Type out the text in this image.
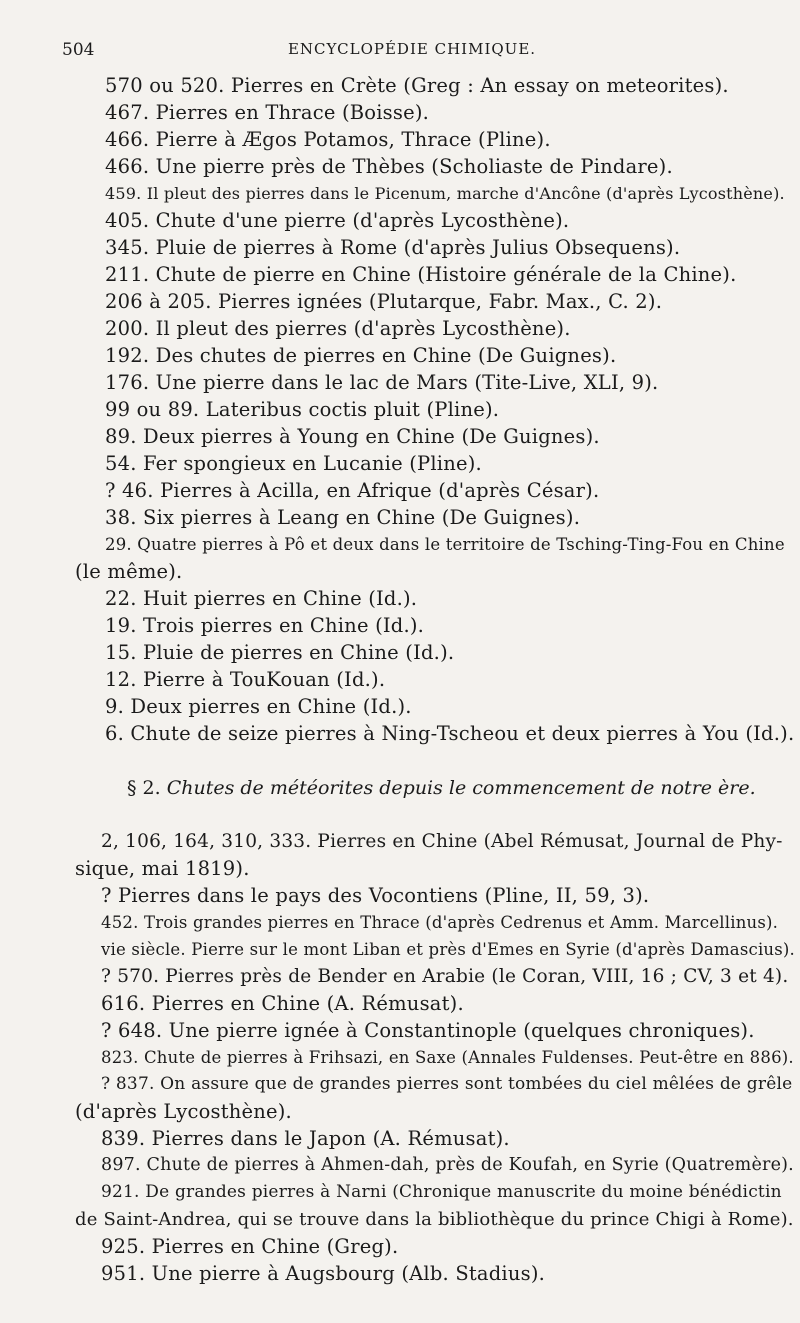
504	ENCYCLOPÉDIE CHIMIQUE.
570 ou 520. Pierres en Crète (Greg : An essay on meteorites).
467. Pierres en Thrace (Boisse).
466. Pierre à Ægos Potamos, Thrace (Pline).
466. Une pierre près de Thèbes (Scholiaste de Pindare).
459. Il pleut des pierres dans le Picenum, marche d'Ancône (d'après Lycosthène).
405. Chute d'une pierre (d'après Lycosthène).
345. Pluie de pierres à Rome (d'après Julius Obsequens).
211. Chute de pierre en Chine (Histoire générale de la Chine).
206 à 205. Pierres ignées (Plutarque, Fabr. Max., C. 2).
200. Il pleut des pierres (d'après Lycosthène).
192. Des chutes de pierres en Chine (De Guignes).
176. Une pierre dans le lac de Mars (Tite-Live, XLI, 9).
99 ou 89. Lateribus coctis pluit (Pline).
89. Deux pierres à Young en Chine (De Guignes).
54. Fer spongieux en Lucanie (Pline).
? 46. Pierres à Acilla, en Afrique (d'après César).
38. Six pierres à Leang en Chine (De Guignes).
29. Quatre pierres à Pô et deux dans le territoire de Tsching-Ting-Fou en Chine
(le même).
22. Huit pierres en Chine (Id.).
19. Trois pierres en Chine (Id.).
15. Pluie de pierres en Chine (Id.).
12. Pierre à TouKouan (Id.).
9. Deux pierres en Chine (Id.).
6. Chute de seize pierres à Ning-Tscheou et deux pierres à You (Id.).
§ 2. Chutes de météorites depuis le commencement de notre ère.
2, 106, 164, 310, 333. Pierres en Chine (Abel Rémusat, Journal de Phy-
sique, mai 1819).
? Pierres dans le pays des Vocontiens (Pline, II, 59, 3).
452. Trois grandes pierres en Thrace (d'après Cedrenus et Amm. Marcellinus).
vie siècle. Pierre sur le mont Liban et près d'Emes en Syrie (d'après Damascius).
? 570. Pierres près de Bender en Arabie (le Coran, VIII, 16 ; CV, 3 et 4).
616. Pierres en Chine (A. Rémusat).
? 648. Une pierre ignée à Constantinople (quelques chroniques).
823. Chute de pierres à Frihsazi, en Saxe (Annales Fuldenses. Peut-être en 886).
? 837. On assure que de grandes pierres sont tombées du ciel mêlées de grêle
(d'après Lycosthène).
839. Pierres dans le Japon (A. Rémusat).
897. Chute de pierres à Ahmen-dah, près de Koufah, en Syrie (Quatremère).
921. De grandes pierres à Narni (Chronique manuscrite du moine bénédictin
de Saint-Andrea, qui se trouve dans la bibliothèque du prince Chigi à Rome).
925. Pierres en Chine (Greg).
951. Une pierre à Augsbourg (Alb. Stadius).
